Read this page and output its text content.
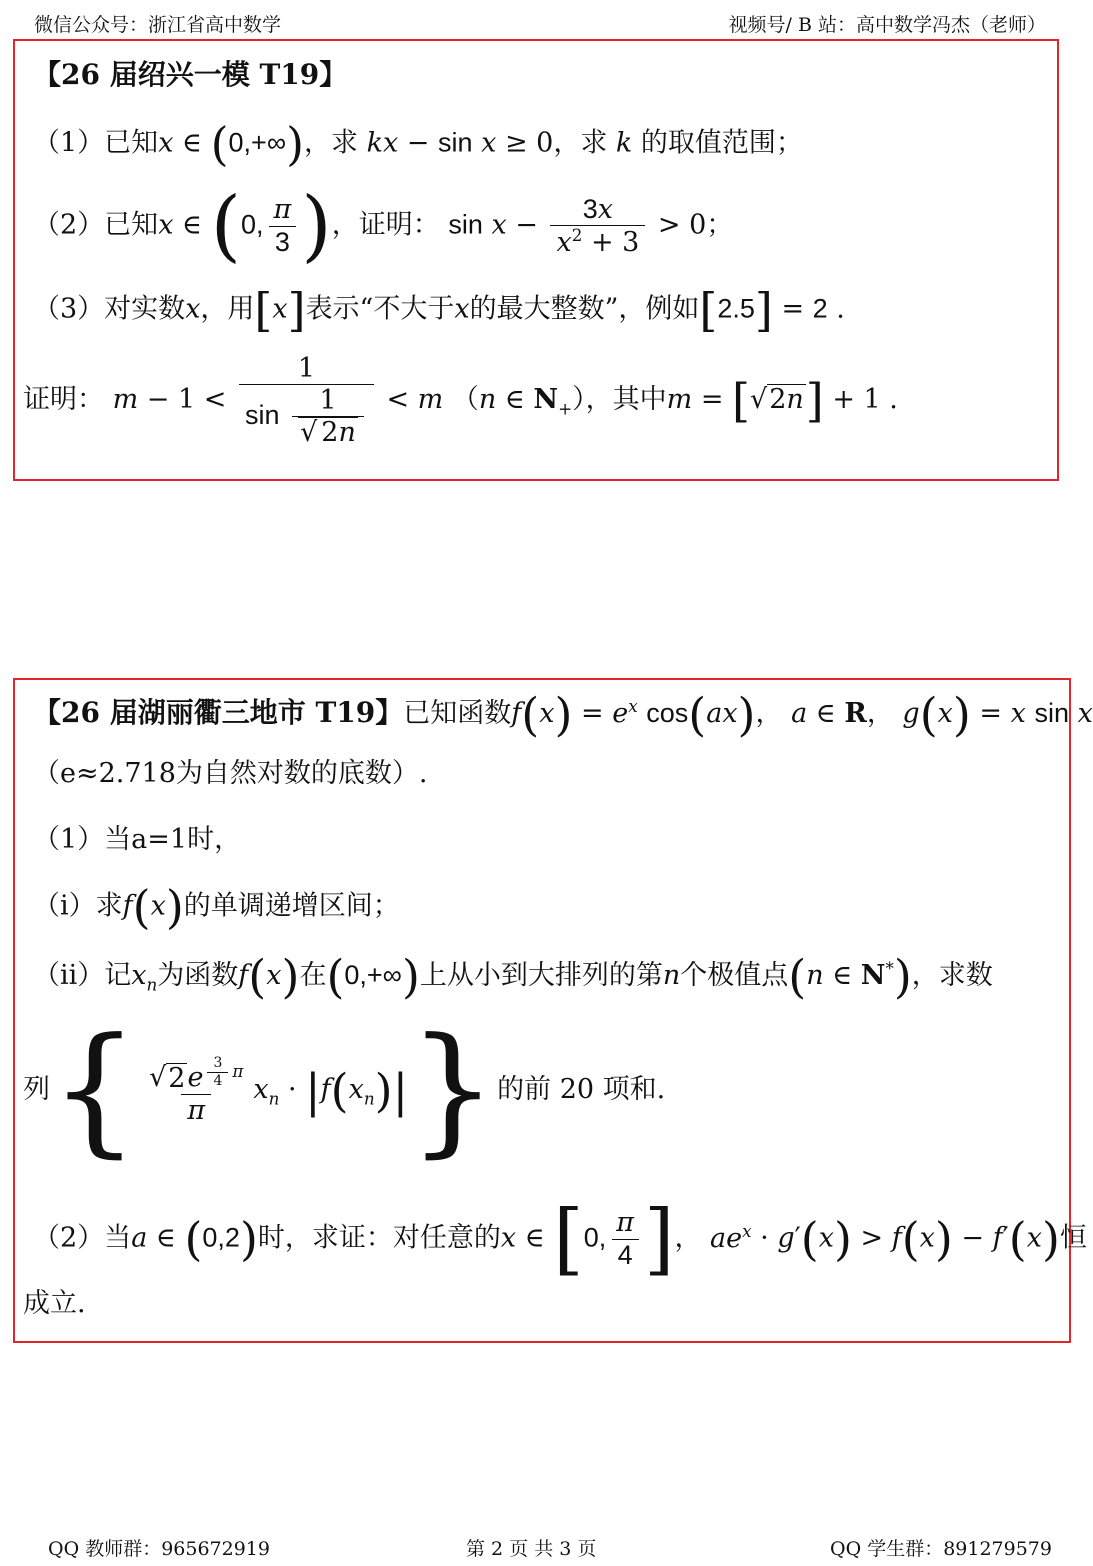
微信公众号：浙江省高中数学	视频号/ B 站：高中数学冯杰（老师）
【26 届绍兴一模 T19】
（1）已知x ∈ (0,+∞)，求 kx − sin x ≥ 0，求 k 的取值范围；
（2）已知x ∈ (0, $\frac{\pi}{3}$ )，证明： $\sin x - \frac{3x}{x^2 + 3} > 0$；
（3）对实数x，用[x]表示“不大于x的最大整数”，例如[2.5] = 2 .
证明： $m - 1 < \frac{1}{\sin \frac{1}{√ 2n}} < m$ （n ∈ $N_+$），其中m = [√2n] + 1 .
【26 届湖丽衢三地市 T19】已知函数$f(x) = e^x$ cos(ax)， a ∈ R， g(x) = x sin x
（e≈2.718为自然对数的底数）.
（1）当a=1时，
（i）求f(x)的单调递增区间；
（ii）记$x_n$为函数f(x)在(0,+∞)上从小到大排列的第n个极值点(n ∈ N*)，求数
列{ √2e $^{\frac{3}{4} \pi}$
π $x_n \cdot |f(x_n)|$}的前 20 项和.
（2）当a ∈ (0,2)时，求证：对任意的x ∈ [0, $\frac{\pi}{4}$ ]， $ae^x \cdot g'(x) > f(x) - f'(x)$恒
成立.
QQ 教师群：965672919	第 2 页 共 3 页	QQ 学生群：891279579
